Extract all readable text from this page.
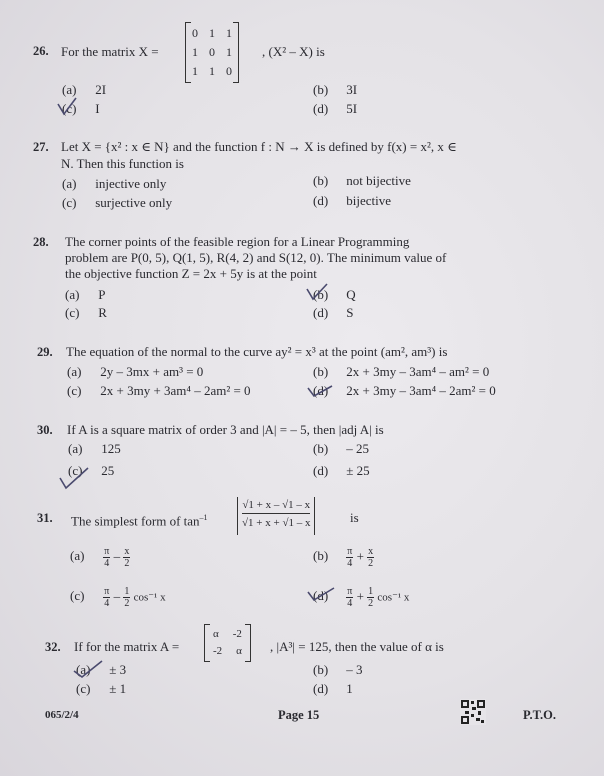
26. For the matrix X =
0 1 1
1 0 1
1 1 0
, (X² – X) is
(a) 2I	(b) 3I
(c) I	(d) 5I
27. Let X = {x² : x ∈ N} and the function f : N → X is defined by f(x) = x², x ∈
N. Then this function is
(a) injective only	(b) not bijective
(c) surjective only	(d) bijective
28. The corner points of the feasible region for a Linear Programming
problem are P(0, 5), Q(1, 5), R(4, 2) and S(12, 0). The minimum value of
the objective function Z = 2x + 5y is at the point
(a) P	(b) Q
(c) R	(d) S
29. The equation of the normal to the curve ay² = x³ at the point (am², am³) is
(a) 2y – 3mx + am³ = 0	(b) 2x + 3my – 3am⁴ – am² = 0
(c) 2x + 3my + 3am⁴ – 2am² = 0	(d) 2x + 3my – 3am⁴ – 2am² = 0
30. If A is a square matrix of order 3 and |A| = – 5, then |adj A| is
(a) 125	(b) – 25
(c) 25	(d) ± 25
31. The simplest form of $\tan^{-1}$	$\frac{√1 + x - √1 - x}{√1 + x + √1 - x}$	is
$(a) \frac{\pi}{4} - \frac{x}{2}$	$(b) \frac{\pi}{4} + \frac{x}{2}$
$(c) \frac{\pi}{4} - \frac{1}{2} \cos^{-1}$ x	$(d) \frac{\pi}{4} + \frac{1}{2} \cos^{-1}$ x
32. If for the matrix A =
α -2
-2 α , |A³| = 125, then the value of α is
(a) ± 3	(b) – 3
(c) ± 1	(d) 1
065/2/4	Page 15	P.T.O.
